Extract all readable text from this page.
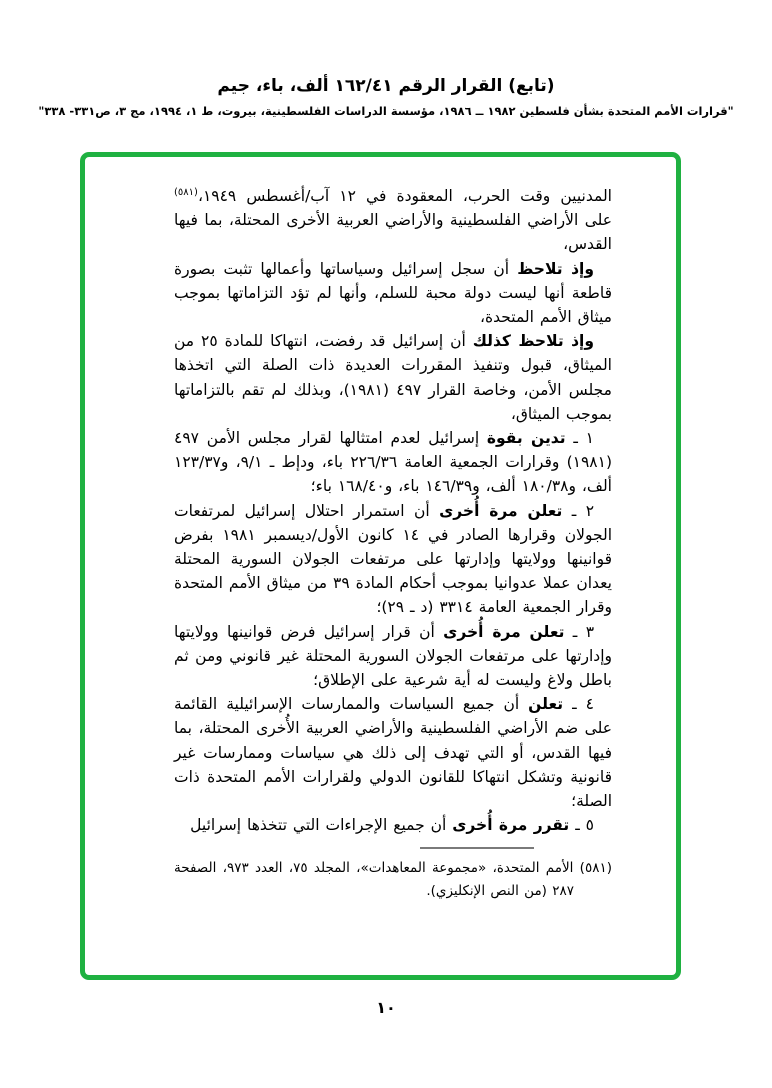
(تابع) القرار الرقم ١٦٢/٤١ ألف، باء، جيم
"قرارات الأمم المتحدة بشأن فلسطين ١٩٨٢ ــ ١٩٨٦، مؤسسة الدراسات الفلسطينية، بيروت، ط ١، ١٩٩٤، مج ٣، ص٣٣١- ٣٣٨"

المدنيين وقت الحرب، المعقودة في ١٢ آب/أغسطس ١٩٤٩،$^{(٥٨١)}$ على الأراضي الفلسطينية والأراضي العربية الأخرى المحتلة، بما فيها القدس،

وإذ تلاحظ أن سجل إسرائيل وسياساتها وأعمالها تثبت بصورة قاطعة أنها ليست دولة محبة للسلم، وأنها لم تؤد التزاماتها بموجب ميثاق الأمم المتحدة،

وإذ تلاحظ كذلك أن إسرائيل قد رفضت، انتهاكا للمادة ٢٥ من الميثاق، قبول وتنفيذ المقررات العديدة ذات الصلة التي اتخذها مجلس الأمن، وخاصة القرار ٤٩٧ (١٩٨١)، وبذلك لم تقم بالتزاماتها بموجب الميثاق،

١ ـ تدين بقوة إسرائيل لعدم امتثالها لقرار مجلس الأمن ٤٩٧ (١٩٨١) وقرارات الجمعية العامة ٢٢٦/٣٦ باء، ودإط ـ ٩/١، و١٢٣/٣٧ ألف، و١٨٠/٣٨ ألف، و١٤٦/٣٩ باء، و١٦٨/٤٠ باء؛

٢ ـ تعلن مرة أُخرى أن استمرار احتلال إسرائيل لمرتفعات الجولان وقرارها الصادر في ١٤ كانون الأول/ديسمبر ١٩٨١ بفرض قوانينها وولايتها وإدارتها على مرتفعات الجولان السورية المحتلة يعدان عملا عدوانيا بموجب أحكام المادة ٣٩ من ميثاق الأمم المتحدة وقرار الجمعية العامة ٣٣١٤ (د ـ ٢٩)؛

٣ ـ تعلن مرة أُخرى أن قرار إسرائيل فرض قوانينها وولايتها وإدارتها على مرتفعات الجولان السورية المحتلة غير قانوني ومن ثم باطل ولاغ وليست له أية شرعية على الإطلاق؛

٤ ـ تعلن أن جميع السياسات والممارسات الإسرائيلية القائمة على ضم الأراضي الفلسطينية والأراضي العربية الأُخرى المحتلة، بما فيها القدس، أو التي تهدف إلى ذلك هي سياسات وممارسات غير قانونية وتشكل انتهاكا للقانون الدولي ولقرارات الأمم المتحدة ذات الصلة؛

٥ ـ تقرر مرة أُخرى أن جميع الإجراءات التي تتخذها إسرائيل

(٥٨١) الأمم المتحدة، «مجموعة المعاهدات»، المجلد ٧٥، العدد ٩٧٣، الصفحة ٢٨٧ (من النص الإنكليزي).

١٠
